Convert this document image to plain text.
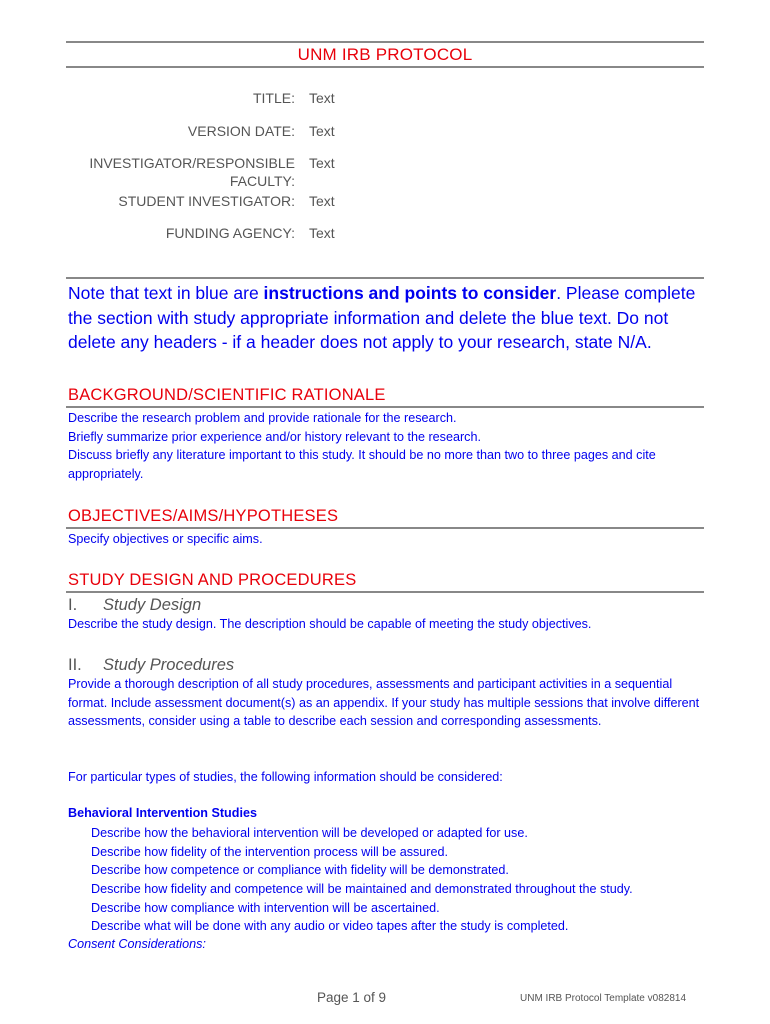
UNM IRB PROTOCOL
TITLE: Text
VERSION DATE: Text
INVESTIGATOR/RESPONSIBLE
FACULTY:
Text
STUDENT INVESTIGATOR: Text
FUNDING AGENCY: Text
Note that text in blue are instructions and points to consider. Please complete the section with study appropriate information and delete the blue text. Do not delete any headers - if a header does not apply to your research, state N/A.
BACKGROUND/SCIENTIFIC RATIONALE
Describe the research problem and provide rationale for the research.
Briefly summarize prior experience and/or history relevant to the research.
Discuss briefly any literature important to this study. It should be no more than two to three pages and cite appropriately.
OBJECTIVES/AIMS/HYPOTHESES
Specify objectives or specific aims.
STUDY DESIGN AND PROCEDURES
I. Study Design
Describe the study design. The description should be capable of meeting the study objectives.
II. Study Procedures
Provide a thorough description of all study procedures, assessments and participant activities in a sequential format. Include assessment document(s) as an appendix. If your study has multiple sessions that involve different assessments, consider using a table to describe each session and corresponding assessments.
For particular types of studies, the following information should be considered:
Behavioral Intervention Studies
Describe how the behavioral intervention will be developed or adapted for use.
Describe how fidelity of the intervention process will be assured.
Describe how competence or compliance with fidelity will be demonstrated.
Describe how fidelity and competence will be maintained and demonstrated throughout the study.
Describe how compliance with intervention will be ascertained.
Describe what will be done with any audio or video tapes after the study is completed.
Consent Considerations:
Page 1 of 9	UNM IRB Protocol Template v082814
